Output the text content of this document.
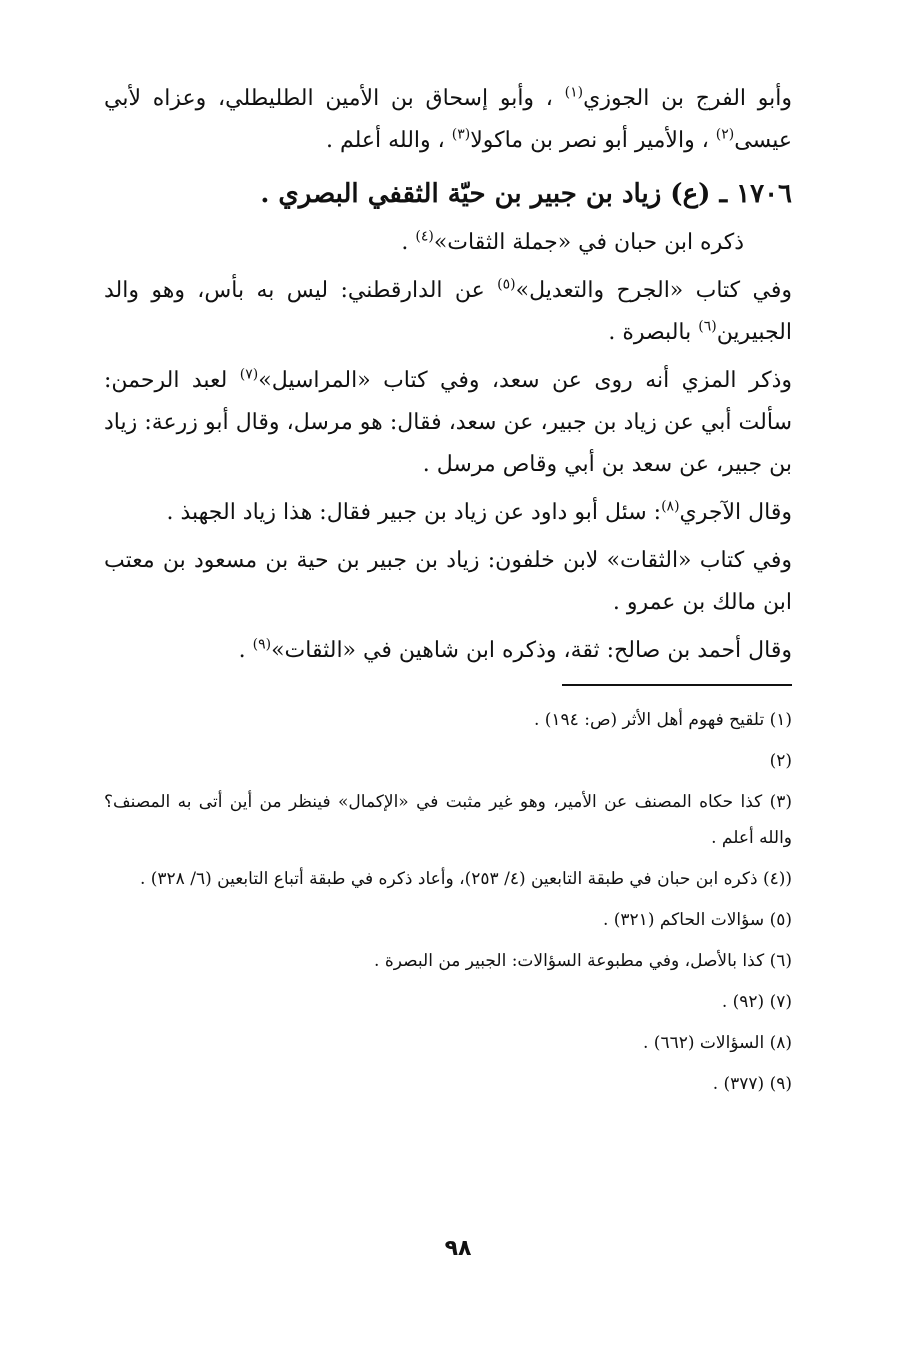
وأبو الفرج بن الجوزي$^{(١)}$ ، وأبو إسحاق بن الأمين الطليطلي، وعزاه لأبي عيسى$^{(٢)}$ ، والأمير أبو نصر بن ماكولا$^{(٣)}$ ، والله أعلم .

١٧٠٦ ـ (ع) زياد بن جبير بن حيّة الثقفي البصري .

ذكره ابن حبان في «جملة الثقات»$^{(٤)}$ .

وفي كتاب «الجرح والتعديل»$^{(٥)}$ عن الدارقطني: ليس به بأس، وهو والد الجبيرين$^{(٦)}$ بالبصرة .

وذكر المزي أنه روى عن سعد، وفي كتاب «المراسيل»$^{(٧)}$ لعبد الرحمن: سألت أبي عن زياد بن جبير، عن سعد، فقال: هو مرسل، وقال أبو زرعة: زياد بن جبير، عن سعد بن أبي وقاص مرسل .

وقال الآجري$^{(٨)}$: سئل أبو داود عن زياد بن جبير فقال: هذا زياد الجهبذ .

وفي كتاب «الثقات» لابن خلفون: زياد بن جبير بن حية بن مسعود بن معتب ابن مالك بن عمرو .

وقال أحمد بن صالح: ثقة، وذكره ابن شاهين في «الثقات»$^{(٩)}$ .

(١) تلقيح فهوم أهل الأثر (ص: ١٩٤) .

(٢)

(٣) كذا حكاه المصنف عن الأمير، وهو غير مثبت في «الإكمال» فينظر من أين أتى به المصنف؟ والله أعلم .

((٤) ذكره ابن حبان في طبقة التابعين (٤/ ٢٥٣)، وأعاد ذكره في طبقة أتباع التابعين (٦/ ٣٢٨) .

(٥) سؤالات الحاكم (٣٢١) .

(٦) كذا بالأصل، وفي مطبوعة السؤالات: الجبير من البصرة .

(٧) (٩٢) .

(٨) السؤالات (٦٦٢) .

(٩) (٣٧٧) .

٩٨
